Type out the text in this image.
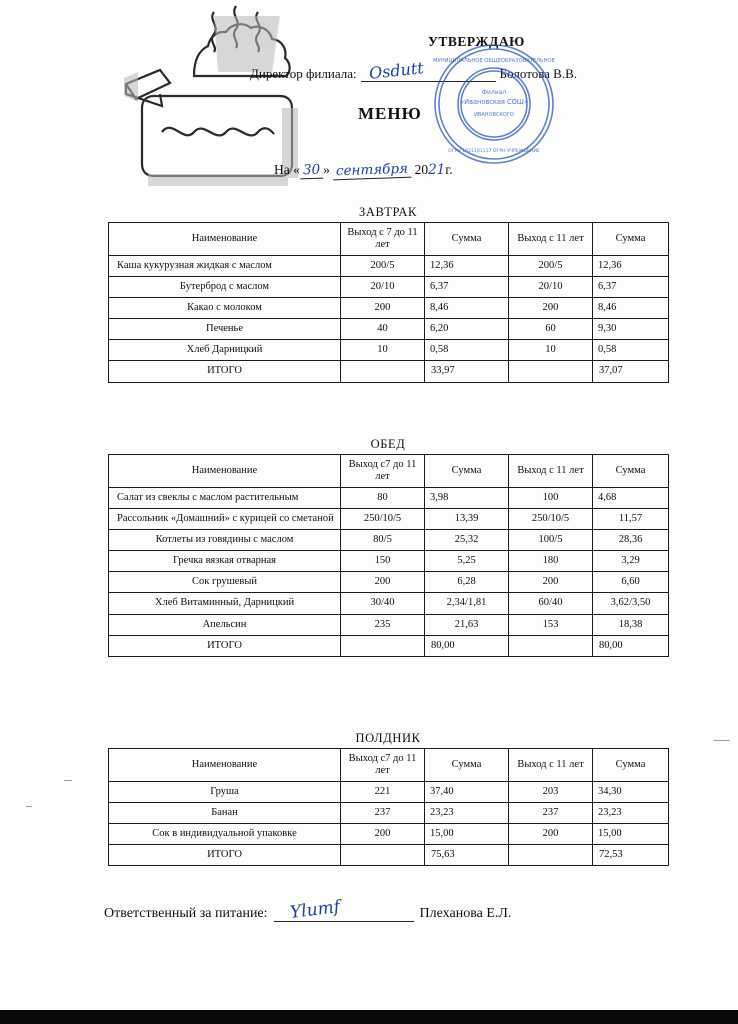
УТВЕРЖДАЮ
Директор филиала: Osdutt	Болотова В.В.
МЕНЮ
На « 30 » сентября 2021г.
МУНИЦИПАЛЬНОЕ ОБЩЕОБРАЗОВАТЕЛЬНОЕ
Филиал
«Ивановская СОШ»
ИВАНОВСКОГО
ОГРН 1021101117 ОГРН УЧРЕЖДЕНИЕ
ЗАВТРАК
Наименование	Выход с 7 до 11 лет	Сумма	Выход с 11 лет	Сумма
Каша кукурузная жидкая с маслом	200/5	12,36	200/5	12,36
Бутерброд с маслом	20/10	6,37	20/10	6,37
Какао с молоком	200	8,46	200	8,46
Печенье	40	6,20	60	9,30
Хлеб Дарницкий	10	0,58	10	0,58
ИТОГО		33,97		37,07
ОБЕД
Наименование	Выход с7 до 11 лет	Сумма	Выход с 11 лет	Сумма
Салат из свеклы с маслом растительным	80	3,98	100	4,68
Рассольник «Домашний» с курицей со сметаной	250/10/5	13,39	250/10/5	11,57
Котлеты из говядины с маслом	80/5	25,32	100/5	28,36
Гречка вязкая отварная	150	5,25	180	3,29
Сок грушевый	200	6,28	200	6,60
Хлеб Витаминный, Дарницкий	30/40	2,34/1,81	60/40	3,62/3,50
Апельсин	235	21,63	153	18,38
ИТОГО		80,00		80,00
ПОЛДНИК
Наименование	Выход с7 до 11 лет	Сумма	Выход с 11 лет	Сумма
Груша	221	37,40	203	34,30
Банан	237	23,23	237	23,23
Сок в индивидуальной упаковке	200	15,00	200	15,00
ИТОГО		75,63		72,53
Ответственный за питание: Ylumf	Плеханова Е.Л.
